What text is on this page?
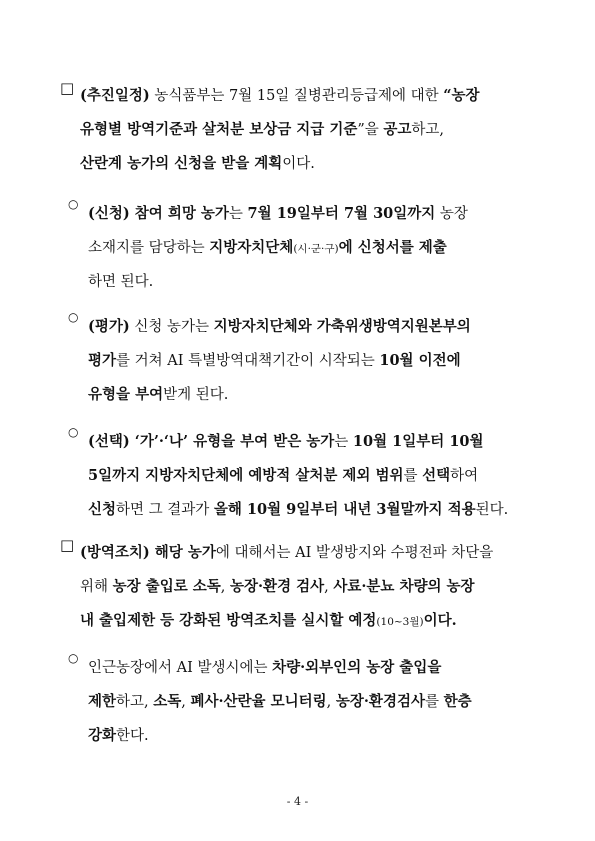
□ (추진일정) 농식품부는 7월 15일 질병관리등급제에 대한 “농장
유형별 방역기준과 살처분 보상금 지급 기준”을 공고하고,
산란계 농가의 신청을 받을 계획이다.
○
(신청) 참여 희망 농가는 7월 19일부터 7월 30일까지 농장
소재지를 담당하는 지방자치단체(시·군·구)에 신청서를 제출
하면 된다.
○
(평가) 신청 농가는 지방자치단체와 가축위생방역지원본부의
평가를 거쳐 AI 특별방역대책기간이 시작되는 10월 이전에
유형을 부여받게 된다.
○
(선택) ‘가’·‘나’ 유형을 부여 받은 농가는 10월 1일부터 10월
5일까지 지방자치단체에 예방적 살처분 제외 범위를 선택하여
신청하면 그 결과가 올해 10월 9일부터 내년 3월말까지 적용된다.
□ (방역조치) 해당 농가에 대해서는 AI 발생방지와 수평전파 차단을
위해 농장 출입로 소독, 농장·환경 검사, 사료·분뇨 차량의 농장
내 출입제한 등 강화된 방역조치를 실시할 예정(10~3월)이다.
○
인근농장에서 AI 발생시에는 차량·외부인의 농장 출입을
제한하고, 소독, 폐사·산란율 모니터링, 농장·환경검사를 한층
강화한다.
- 4 -
